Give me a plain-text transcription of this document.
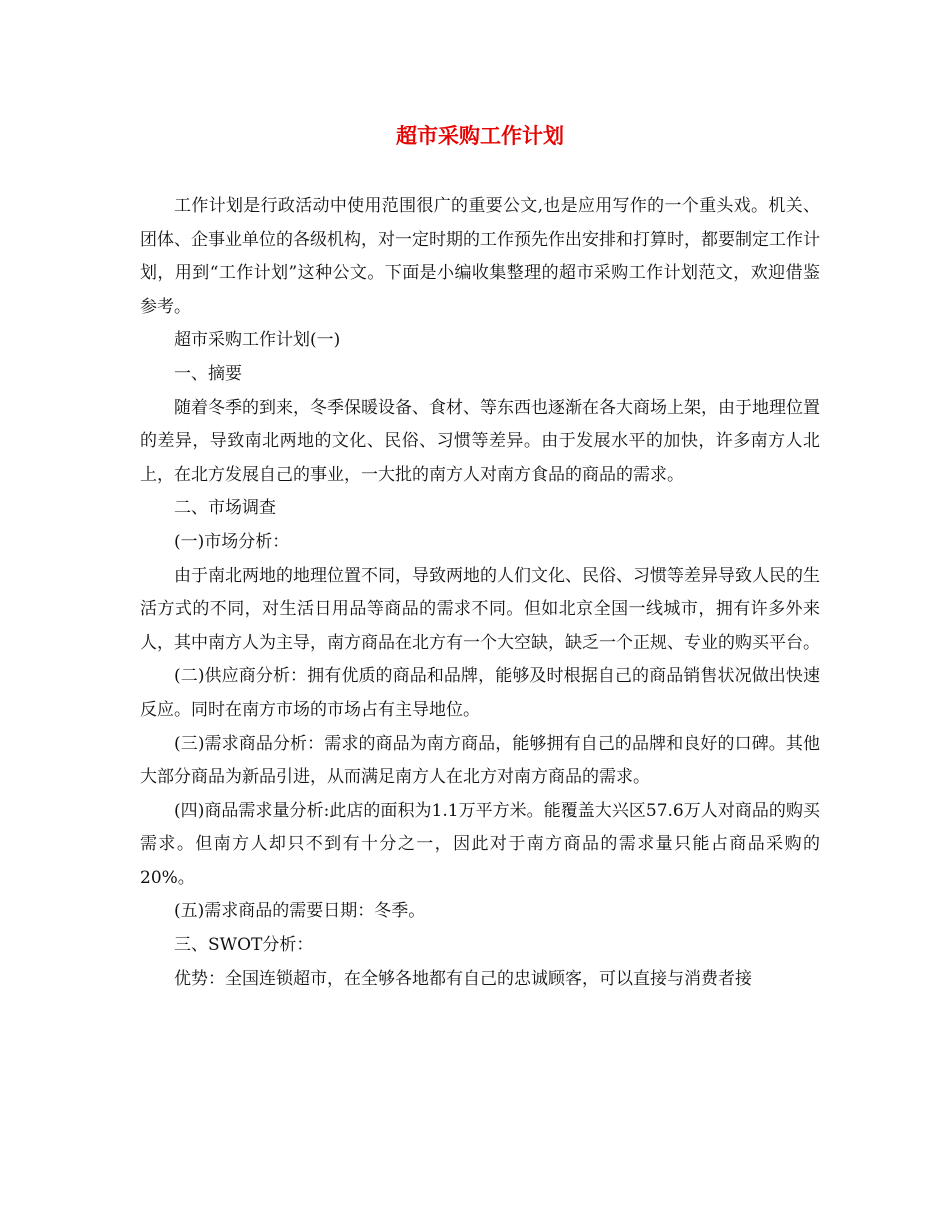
超市采购工作计划

工作计划是行政活动中使用范围很广的重要公文,也是应用写作的一个重头戏。机关、团体、企事业单位的各级机构，对一定时期的工作预先作出安排和打算时，都要制定工作计划，用到“工作计划”这种公文。下面是小编收集整理的超市采购工作计划范文，欢迎借鉴参考。

超市采购工作计划(一)

一、摘要

随着冬季的到来，冬季保暖设备、食材、等东西也逐渐在各大商场上架，由于地理位置的差异，导致南北两地的文化、民俗、习惯等差异。由于发展水平的加快，许多南方人北上，在北方发展自己的事业，一大批的南方人对南方食品的商品的需求。

二、市场调查

(一)市场分析：

由于南北两地的地理位置不同，导致两地的人们文化、民俗、习惯等差异导致人民的生活方式的不同，对生活日用品等商品的需求不同。但如北京全国一线城市，拥有许多外来人，其中南方人为主导，南方商品在北方有一个大空缺，缺乏一个正规、专业的购买平台。

(二)供应商分析：拥有优质的商品和品牌，能够及时根据自己的商品销售状况做出快速反应。同时在南方市场的市场占有主导地位。

(三)需求商品分析：需求的商品为南方商品，能够拥有自己的品牌和良好的口碑。其他大部分商品为新品引进，从而满足南方人在北方对南方商品的需求。

(四)商品需求量分析:此店的面积为1.1万平方米。能覆盖大兴区57.6万人对商品的购买需求。但南方人却只不到有十分之一，因此对于南方商品的需求量只能占商品采购的20%。

(五)需求商品的需要日期：冬季。

三、SWOT分析：

优势：全国连锁超市，在全够各地都有自己的忠诚顾客，可以直接与消费者接
